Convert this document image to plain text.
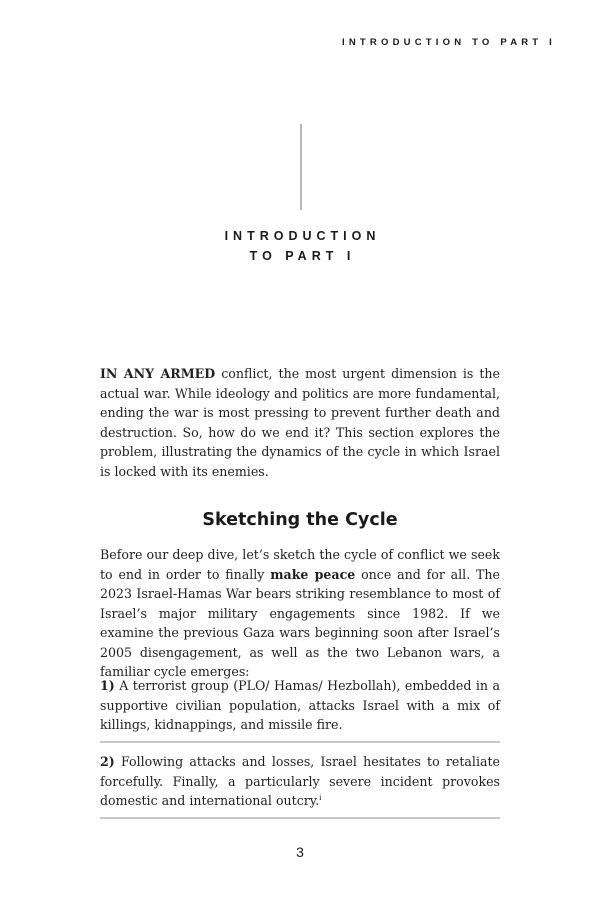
INTRODUCTION TO PART I
INTRODUCTION
TO PART I
IN ANY ARMED conflict, the most urgent dimension is the actual war. While ideology and politics are more fundamental, ending the war is most pressing to prevent further death and destruction. So, how do we end it? This section explores the problem, illustrating the dynamics of the cycle in which Israel is locked with its enemies.
Sketching the Cycle
Before our deep dive, let’s sketch the cycle of conflict we seek to end in order to finally make peace once and for all. The 2023 Israel-Hamas War bears striking resemblance to most of Israel’s major military engagements since 1982. If we examine the previous Gaza wars beginning soon after Israel’s 2005 disengagement, as well as the two Lebanon wars, a familiar cycle emerges:
1) A terrorist group (PLO/ Hamas/ Hezbollah), embedded in a supportive civilian population, attacks Israel with a mix of killings, kidnappings, and missile fire.
2) Following attacks and losses, Israel hesitates to retaliate forcefully. Finally, a particularly severe incident provokes domestic and international outcry.$^i$
3
